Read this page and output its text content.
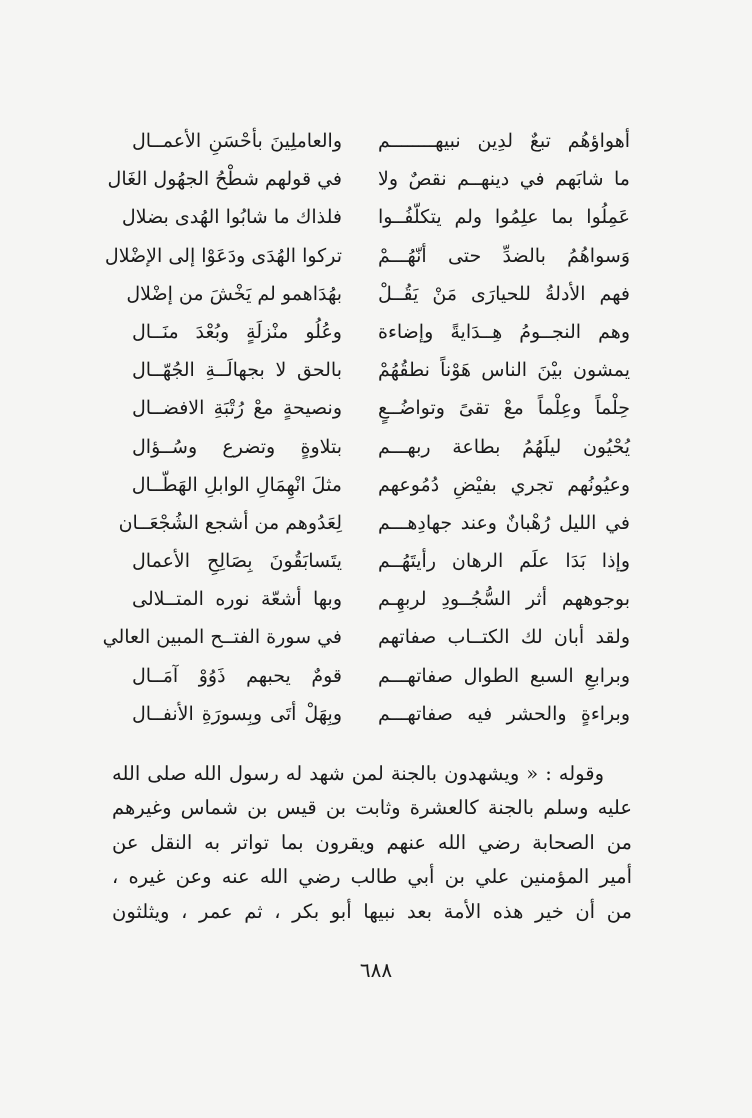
أهواؤهُم تبعٌ لدِين نبيهــــــــم
ما شابَهم في دينهــم نقصٌ ولا
عَمِلُوا بما علِمُوا ولم يتكلّفُــوا
وَسواهُمُ بالضدِّ حتى أنّهُـــمْ
فهم الأدلةُ للحيارَى مَنْ يَقُــلْ
وهم النجــومُ هِــدَايةً وإضاءة
يمشون بيْنَ الناس هَوْناً نطقُهُمْ
حِلْماً وعِلْماً معْ تقىً وتواضُــعٍ
يُحْيُون ليلَهُمُ بطاعة ربهـــم
وعيُونُهم تجري بفيْضِ دُمُوعهم
في الليل رُهْبانٌ وعند جهادِهـــم
وإذا بَدَا علَم الرهان رأيتَهُــم
بوجوههم أثر السُّجُــودِ لربهِـم
ولقد أبان لك الكتــاب صفاتهم
وبرابعِ السبع الطوال صفاتهـــم
وبراءةٍ والحشر فيه صفاتهـــم
والعاملِينَ بأحْسَنِ الأعمــال
في قولهم شطْحُ الجهُول الغَال
فلذاك ما شابُوا الهُدى بضلال
تركوا الهُدَى ودَعَوْا إلى الإضْلال
بهُدَاهمو لم يَخْشَ من إضْلال
وعُلُو منْزلَةٍ وبُعْدَ منَــال
بالحق لا بجهالَــةِ الجُهّــال
ونصيحةٍ معْ رُتْبَةِ الافضــال
بتلاوةٍ وتضرع وسُــؤال
مثلَ انْهِمَالِ الوابلِ الهَطّــال
لِعَدُوهم من أشجع الشُجْعَــان
يتَسابَقُونَ بِصَالِحِ الأعمال
وبها أشعّة نوره المتــلالى
في سورة الفتــح المبين العالي
قومٌ يحبهم ذَوُوْ آمَــال
وبِهَلْ أتَى وبِسورَةِ الأنفــال
وقوله : « ويشهدون بالجنة لمن شهد له رسول الله صلى الله
عليه وسلم بالجنة كالعشرة وثابت بن قيس بن شماس وغيرهم
من الصحابة رضي الله عنهم ويقرون بما تواتر به النقل عن
أمير المؤمنين علي بن أبي طالب رضي الله عنه وعن غيره ،
من أن خير هذه الأمة بعد نبيها أبو بكر ، ثم عمر ، ويثلثون
٦٨٨
